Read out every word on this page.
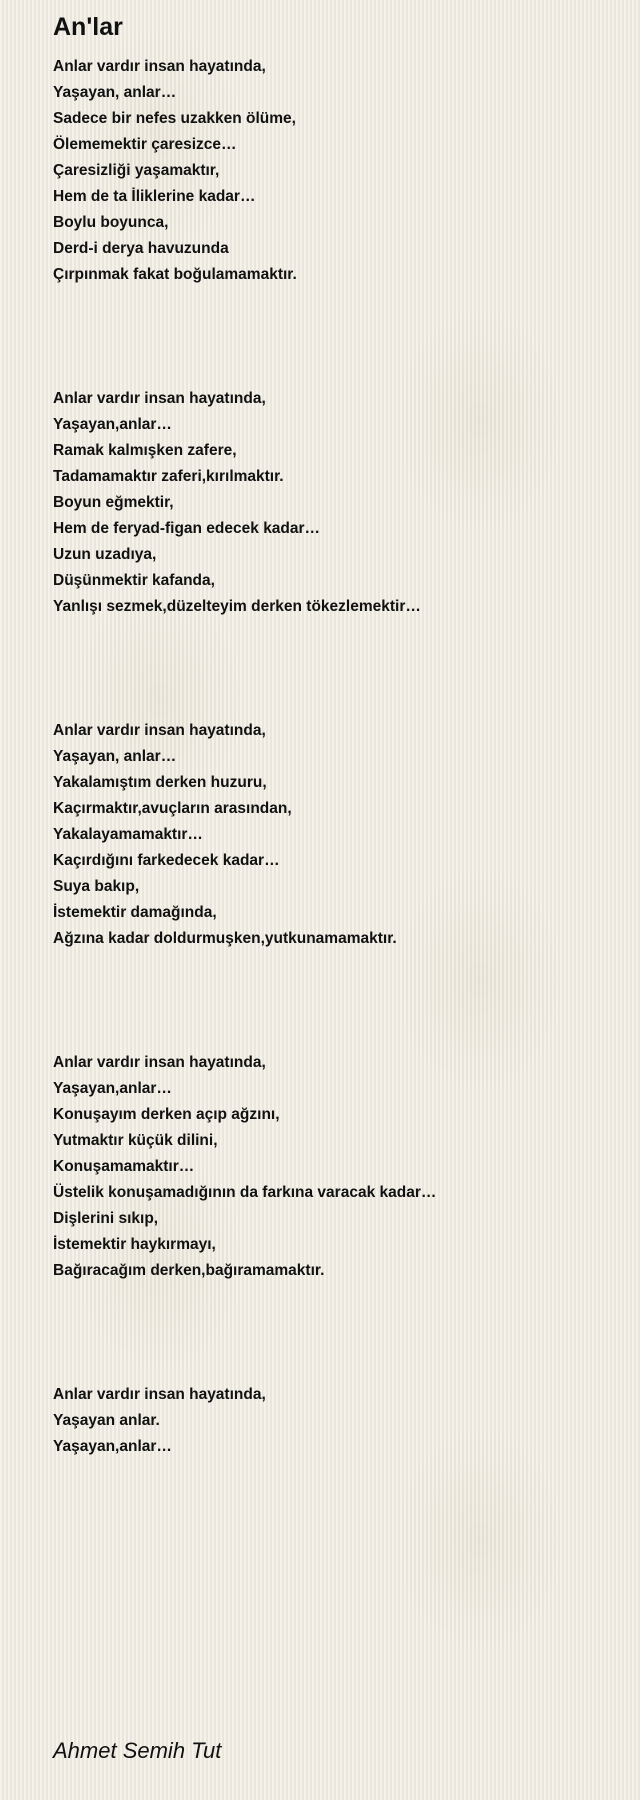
An'lar

Anlar vardır insan hayatında,
Yaşayan, anlar…
Sadece bir nefes uzakken ölüme,
Ölememektir çaresizce…
Çaresizliği yaşamaktır,
Hem de ta İliklerine kadar…
Boylu boyunca,
Derd-i derya havuzunda
Çırpınmak fakat boğulamamaktır.

Anlar vardır insan hayatında,
Yaşayan,anlar…
Ramak kalmışken zafere,
Tadamamaktır zaferi,kırılmaktır.
Boyun eğmektir,
Hem de feryad-figan edecek kadar…
Uzun uzadıya,
Düşünmektir kafanda,
Yanlışı sezmek,düzelteyim derken tökezlemektir…

Anlar vardır insan hayatında,
Yaşayan, anlar…
Yakalamıştım derken huzuru,
Kaçırmaktır,avuçların arasından,
Yakalayamamaktır…
Kaçırdığını farkedecek kadar…
Suya bakıp,
İstemektir damağında,
Ağzına kadar doldurmuşken,yutkunamamaktır.

Anlar vardır insan hayatında,
Yaşayan,anlar…
Konuşayım derken açıp ağzını,
Yutmaktır küçük dilini,
Konuşamamaktır…
Üstelik konuşamadığının da farkına varacak kadar…
Dişlerini sıkıp,
İstemektir haykırmayı,
Bağıracağım derken,bağıramamaktır.

Anlar vardır insan hayatında,
Yaşayan anlar.
Yaşayan,anlar…

Ahmet Semih Tut
